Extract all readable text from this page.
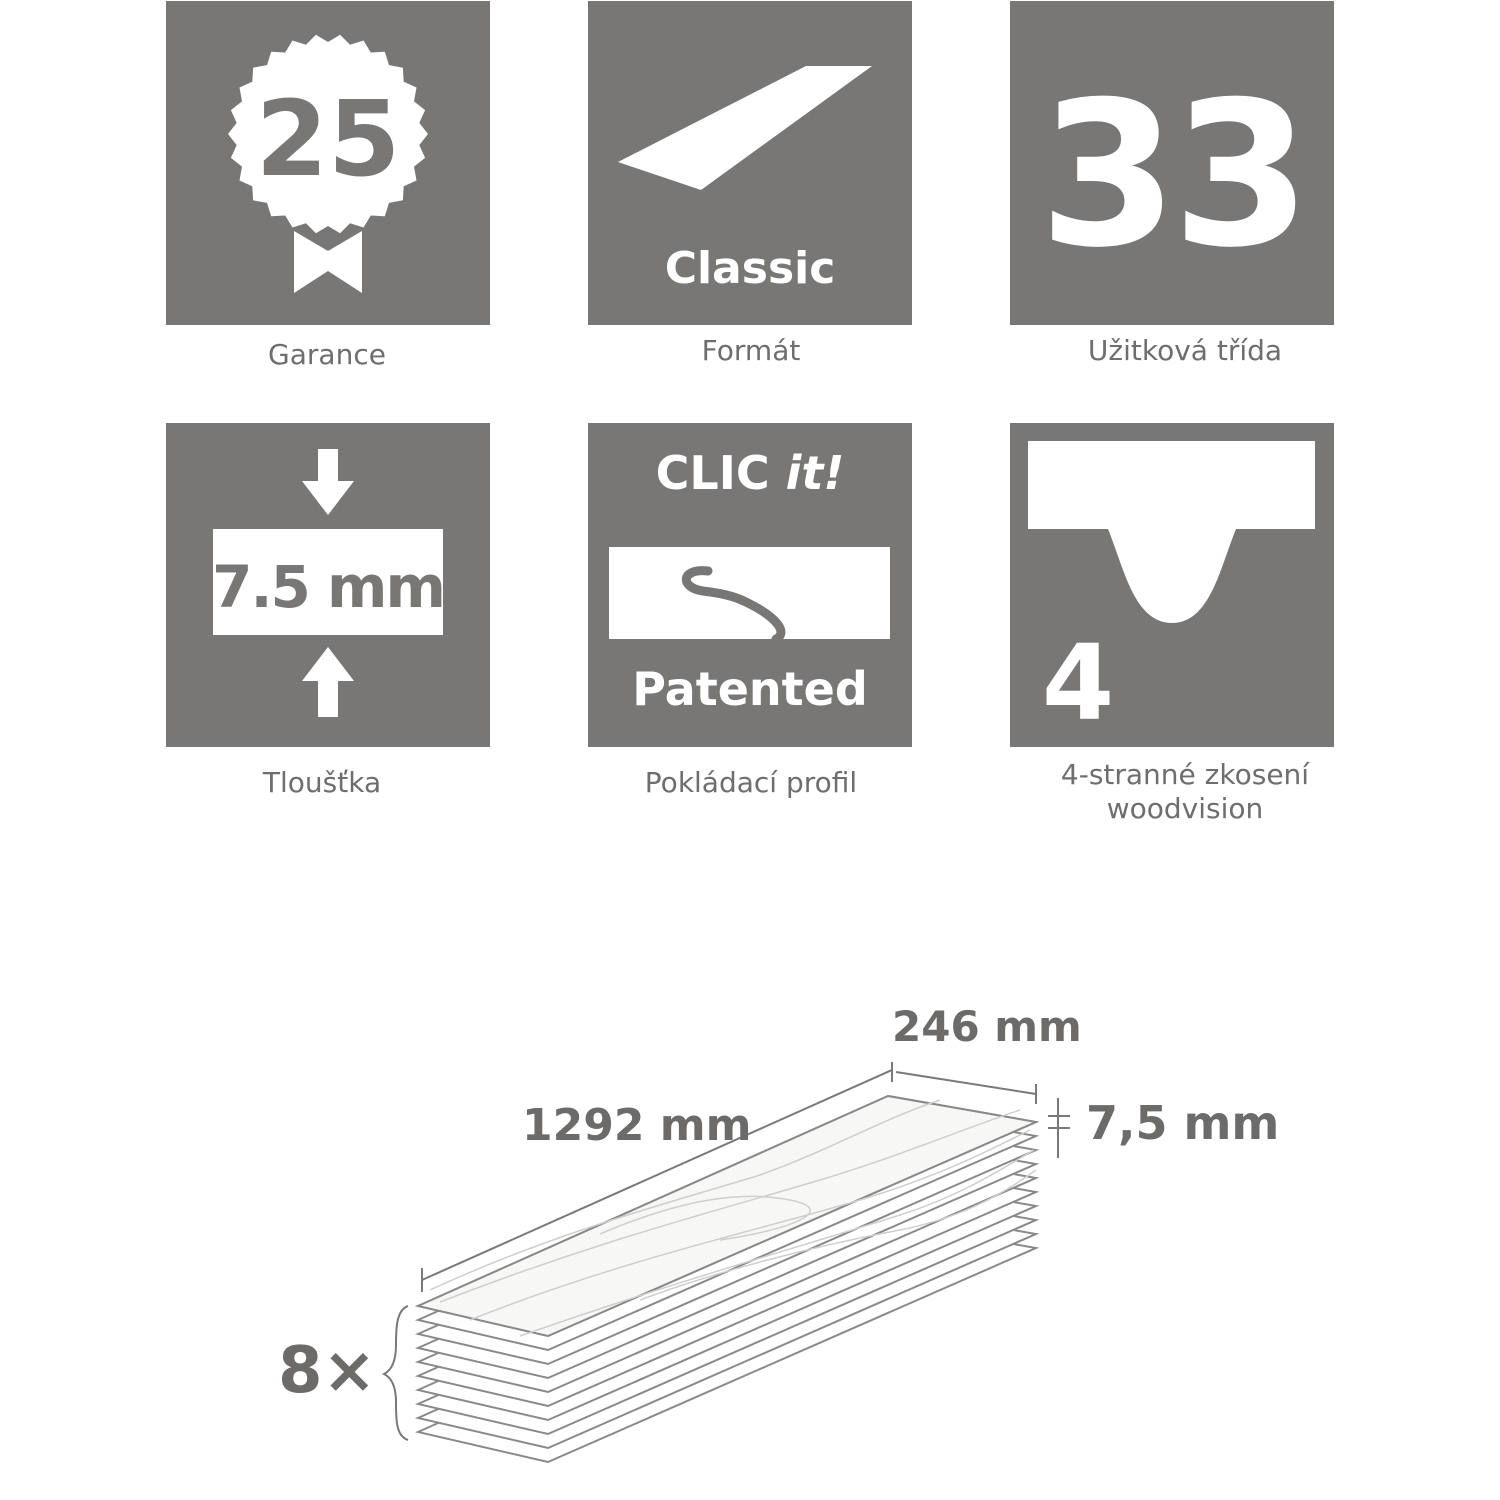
25
Garance
Classic
Formát
33
Užitková třída
7.5 mm
Tloušťka
CLIC it!
Patented
Pokládací profil
4
4-stranné zkosení
woodvision
246 mm
1292 mm	7,5 mm
8×
